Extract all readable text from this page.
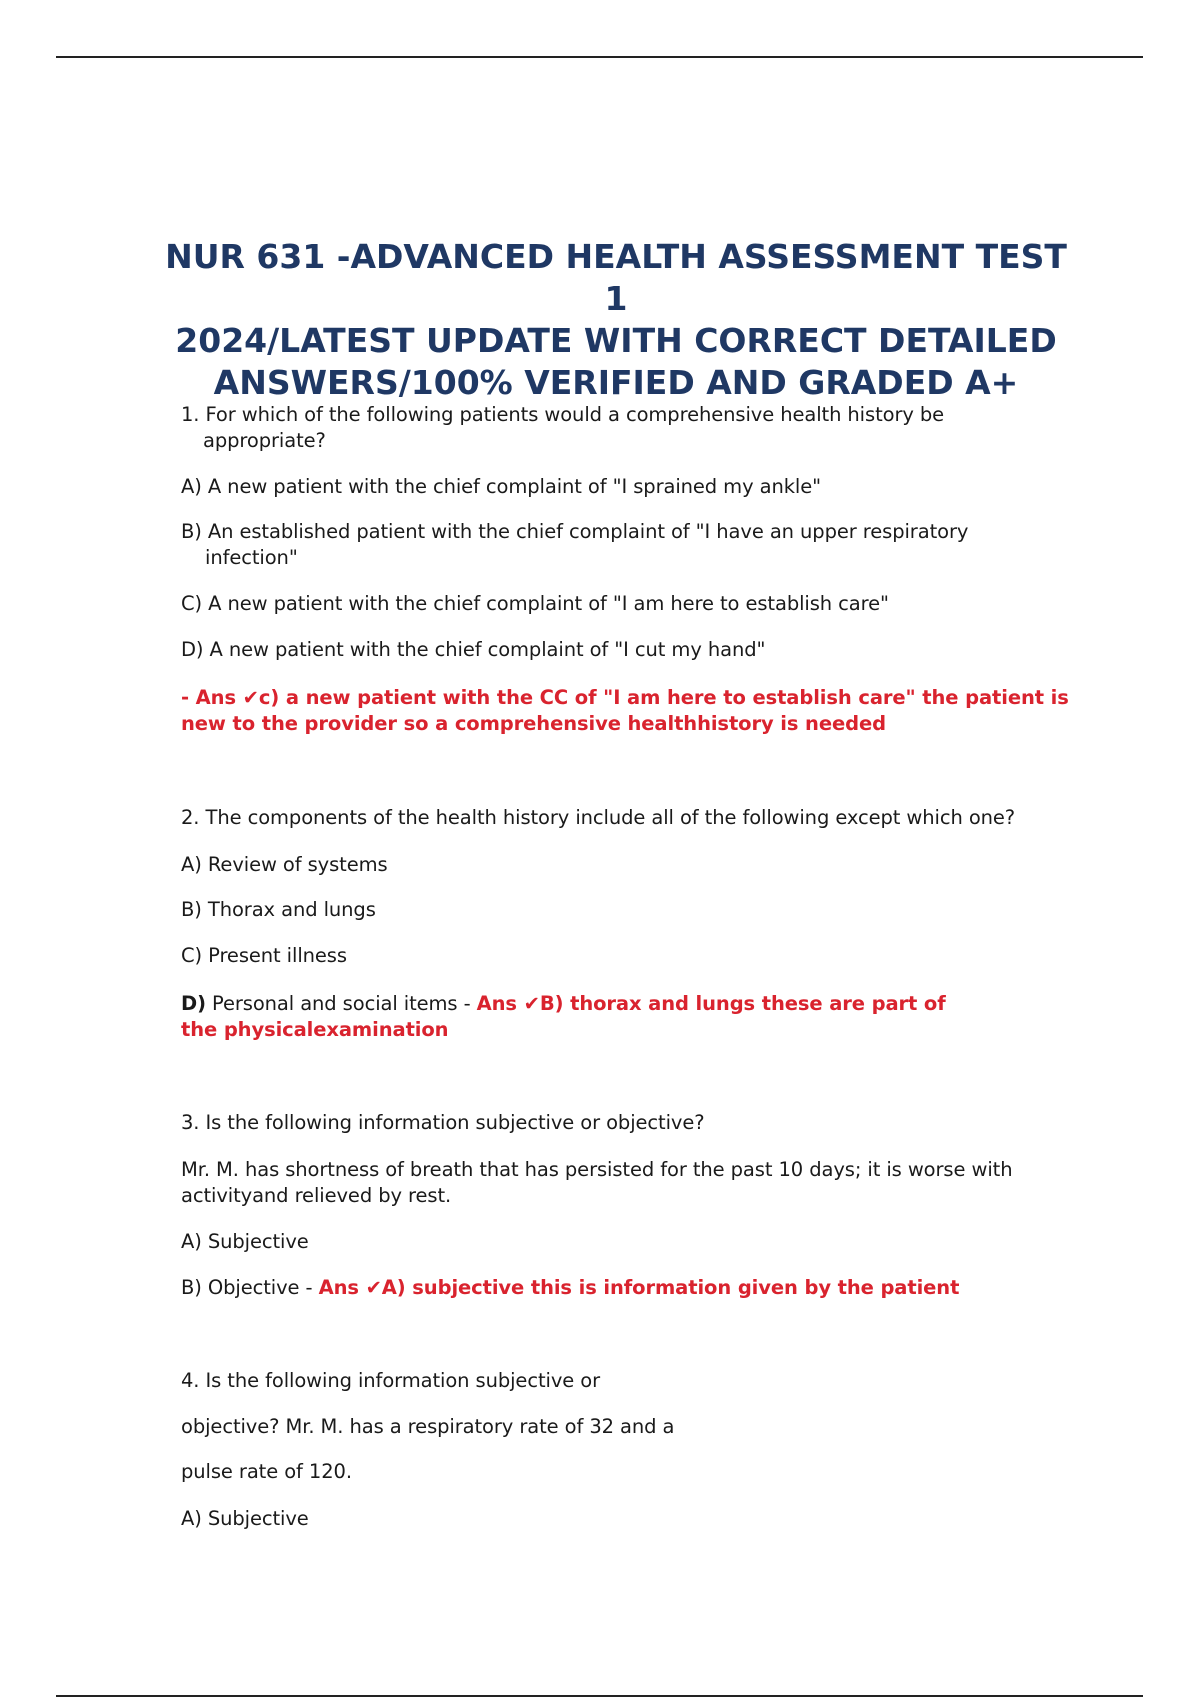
NUR 631 -ADVANCED HEALTH ASSESSMENT TEST 1
2024/LATEST UPDATE WITH CORRECT DETAILED
ANSWERS/100% VERIFIED AND GRADED A+
1. For which of the following patients would a comprehensive health history be
appropriate?
A) A new patient with the chief complaint of "I sprained my ankle"
B) An established patient with the chief complaint of "I have an upper respiratory
infection"
C) A new patient with the chief complaint of "I am here to establish care"
D) A new patient with the chief complaint of "I cut my hand"
- Ans ✔c) a new patient with the CC of "I am here to establish care" the patient is
new to the provider so a comprehensive healthhistory is needed
2. The components of the health history include all of the following except which one?
A) Review of systems
B) Thorax and lungs
C) Present illness
D) Personal and social items - Ans ✔B) thorax and lungs these are part of
the physicalexamination
3. Is the following information subjective or objective?
Mr. M. has shortness of breath that has persisted for the past 10 days; it is worse with
activityand relieved by rest.
A) Subjective
B) Objective - Ans ✔A) subjective this is information given by the patient
4. Is the following information subjective or
objective? Mr. M. has a respiratory rate of 32 and a
pulse rate of 120.
A) Subjective
